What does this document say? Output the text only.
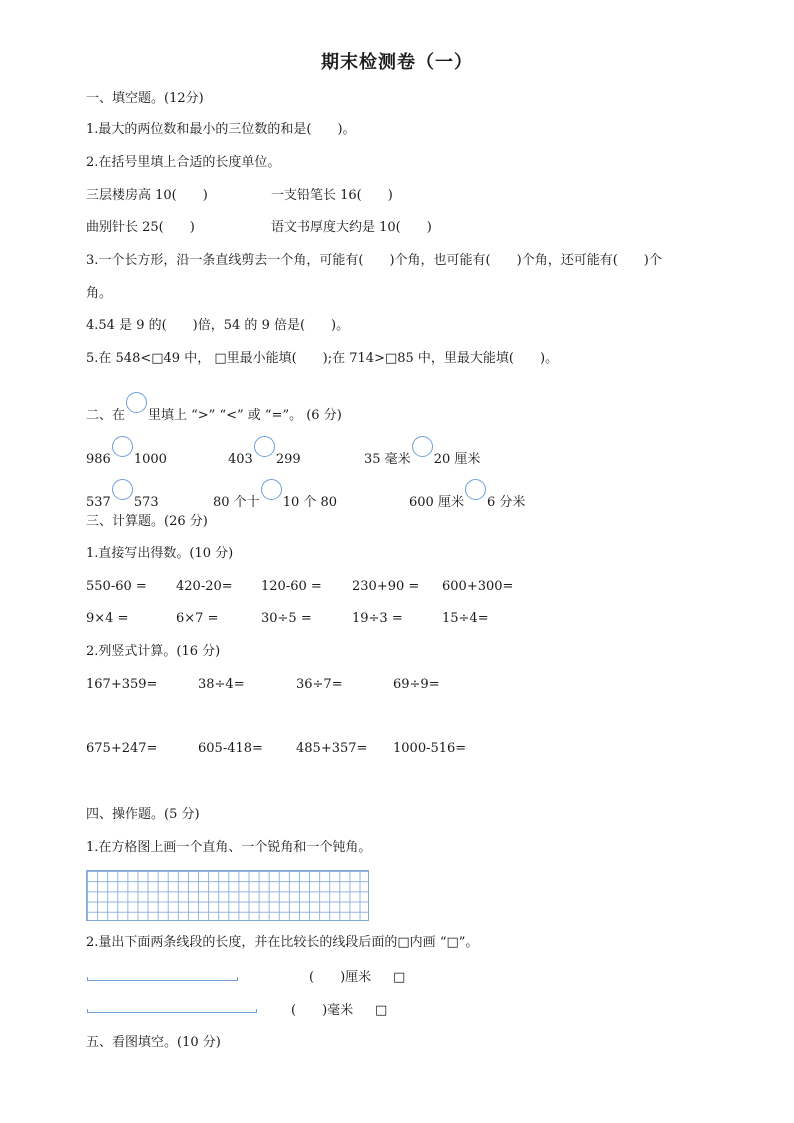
期末检测卷（一）
一、填空题。(12分)
1.最大的两位数和最小的三位数的和是(　　)。
2.在括号里填上合适的长度单位。
三层楼房高 10(　　)	一支铅笔长 16(　　)
曲别针长 25(　　)	语文书厚度大约是 10(　　)
3.一个长方形，沿一条直线剪去一个角，可能有(　　)个角，也可能有(　　)个角，还可能有(　　)个
角。
4.54 是 9 的(　　)倍，54 的 9 倍是(　　)。
5.在 548<□49 中， □里最小能填(　　);在 714>□85 中，里最大能填(　　)。
二、在 里填上 “>” “<” 或 “=”。 (6 分)
986 1000	403 299	35 毫米 20 厘米
537 573	80 个十 10 个 80	600 厘米 6 分米
三、计算题。(26 分)
1.直接写出得数。(10 分)
550-60 = 420-20= 120-60 = 230+90 = 600+300=
9×4 =	6×7 =	30÷5 =	19÷3 =	15÷4=
2.列竖式计算。(16 分)
167+359=	38÷4=	36÷7=	69÷9=
675+247=	605-418=	485+357= 1000-516=
四、操作题。(5 分)
1.在方格图上画一个直角、一个锐角和一个钝角。
2.量出下面两条线段的长度，并在比较长的线段后面的□内画 “□”。
(　　)厘米 □
(　　)毫米 □
五、看图填空。(10 分)
